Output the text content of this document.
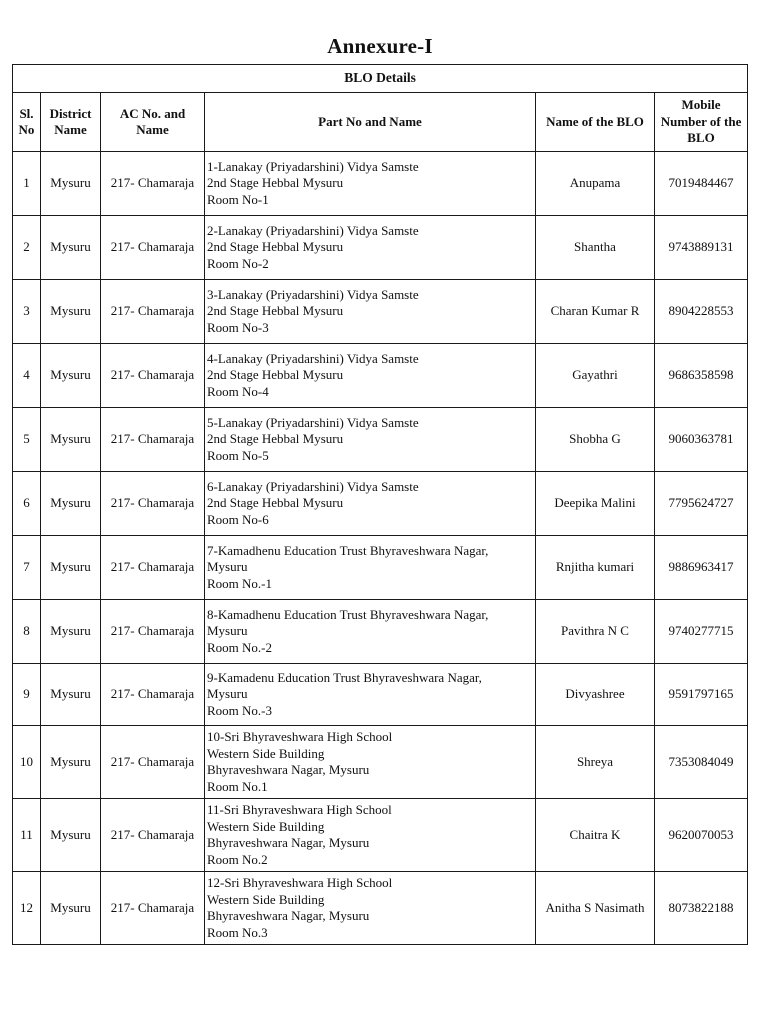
Annexure-I
BLO Details					
Sl. No	District Name	AC No. and Name	Part No and Name	Name of the BLO	Mobile Number of the BLO
1	Mysuru	217- Chamaraja	1-Lanakay (Priyadarshini) Vidya Samste
2nd Stage Hebbal Mysuru
Room No-1	Anupama	7019484467
2	Mysuru	217- Chamaraja	2-Lanakay (Priyadarshini) Vidya Samste
2nd Stage Hebbal Mysuru
Room No-2	Shantha	9743889131
3	Mysuru	217- Chamaraja	3-Lanakay (Priyadarshini) Vidya Samste
2nd Stage Hebbal Mysuru
Room No-3	Charan Kumar R	8904228553
4	Mysuru	217- Chamaraja	4-Lanakay (Priyadarshini) Vidya Samste
2nd Stage Hebbal Mysuru
Room No-4	Gayathri	9686358598
5	Mysuru	217- Chamaraja	5-Lanakay (Priyadarshini) Vidya Samste
2nd Stage Hebbal Mysuru
Room No-5	Shobha G	9060363781
6	Mysuru	217- Chamaraja	6-Lanakay (Priyadarshini) Vidya Samste
2nd Stage Hebbal Mysuru
Room No-6	Deepika Malini	7795624727
7	Mysuru	217- Chamaraja	7-Kamadhenu Education Trust Bhyraveshwara Nagar,
Mysuru
Room No.-1	Rnjitha kumari	9886963417
8	Mysuru	217- Chamaraja	8-Kamadhenu Education Trust Bhyraveshwara Nagar,
Mysuru
Room No.-2	Pavithra N C	9740277715
9	Mysuru	217- Chamaraja	9-Kamadenu Education Trust Bhyraveshwara Nagar,
Mysuru
Room No.-3	Divyashree	9591797165
10	Mysuru	217- Chamaraja	10-Sri Bhyraveshwara High School
Western Side Building
Bhyraveshwara Nagar, Mysuru
Room No.1	Shreya	7353084049
11	Mysuru	217- Chamaraja	11-Sri Bhyraveshwara High School
Western Side Building
Bhyraveshwara Nagar, Mysuru
Room No.2	Chaitra K	9620070053
12	Mysuru	217- Chamaraja	12-Sri Bhyraveshwara High School
Western Side Building
Bhyraveshwara Nagar, Mysuru
Room No.3	Anitha S Nasimath	8073822188
